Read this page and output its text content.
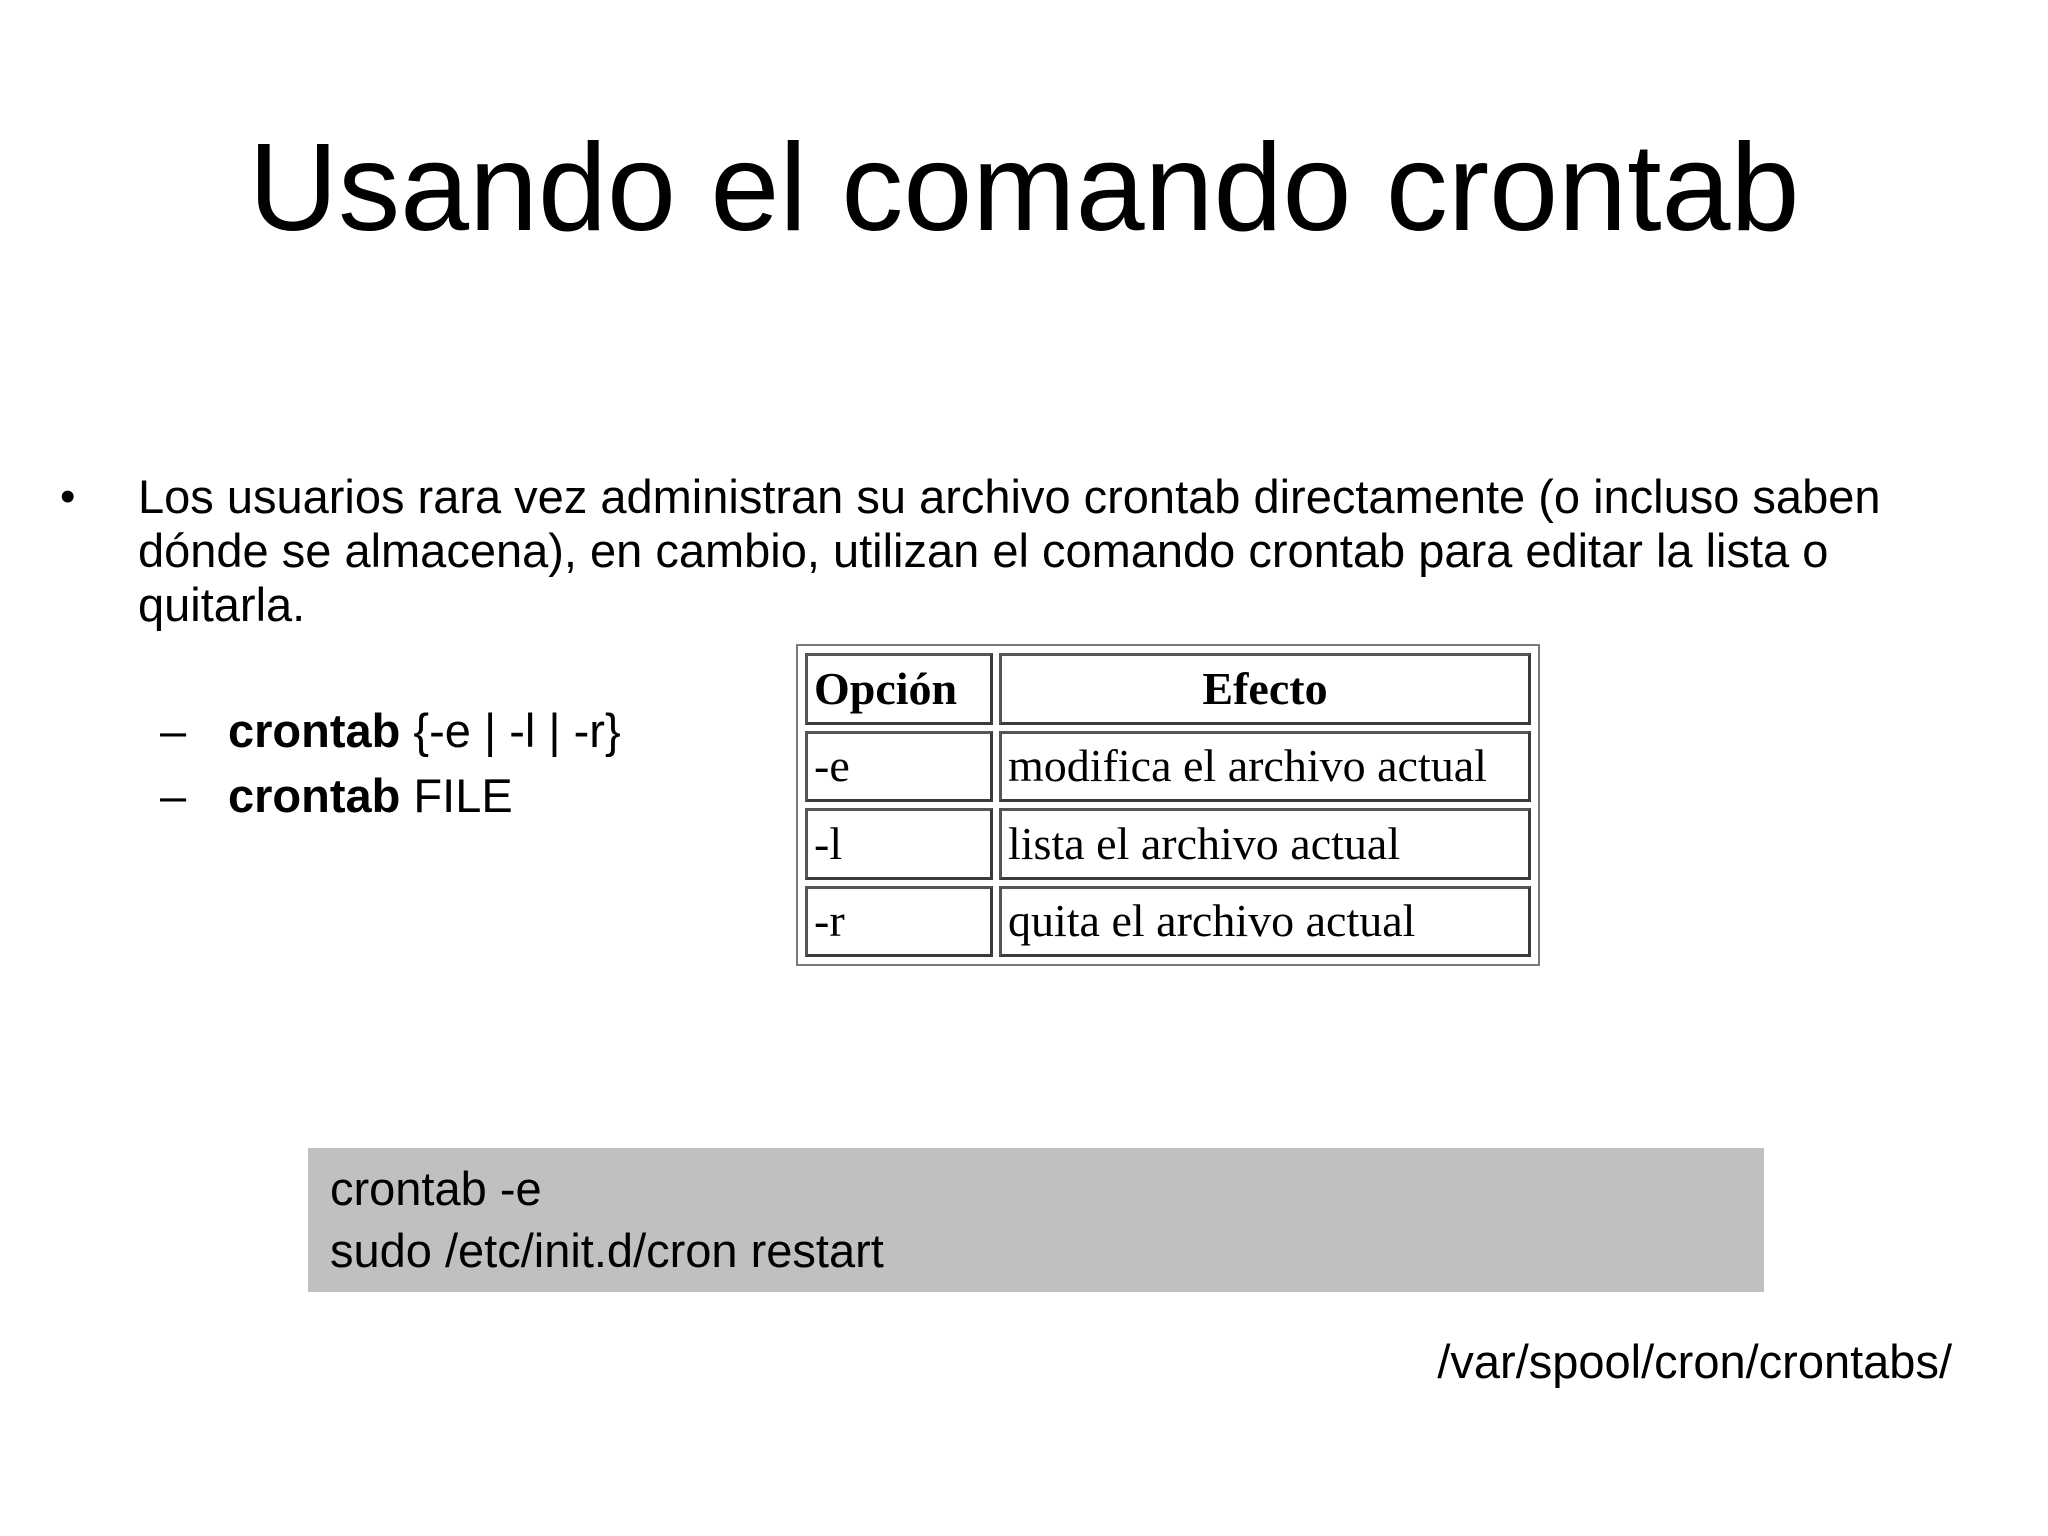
Usando el comando crontab
• Los usuarios rara vez administran su archivo crontab directamente (o incluso saben dónde se almacena), en cambio, utilizan el comando crontab para editar la lista o quitarla.
– crontab {-e | -l | -r}
– crontab FILE
Opción	Efecto
-e	modifica el archivo actual
-l	lista el archivo actual
-r	quita el archivo actual
crontab -e
sudo /etc/init.d/cron restart
/var/spool/cron/crontabs/
